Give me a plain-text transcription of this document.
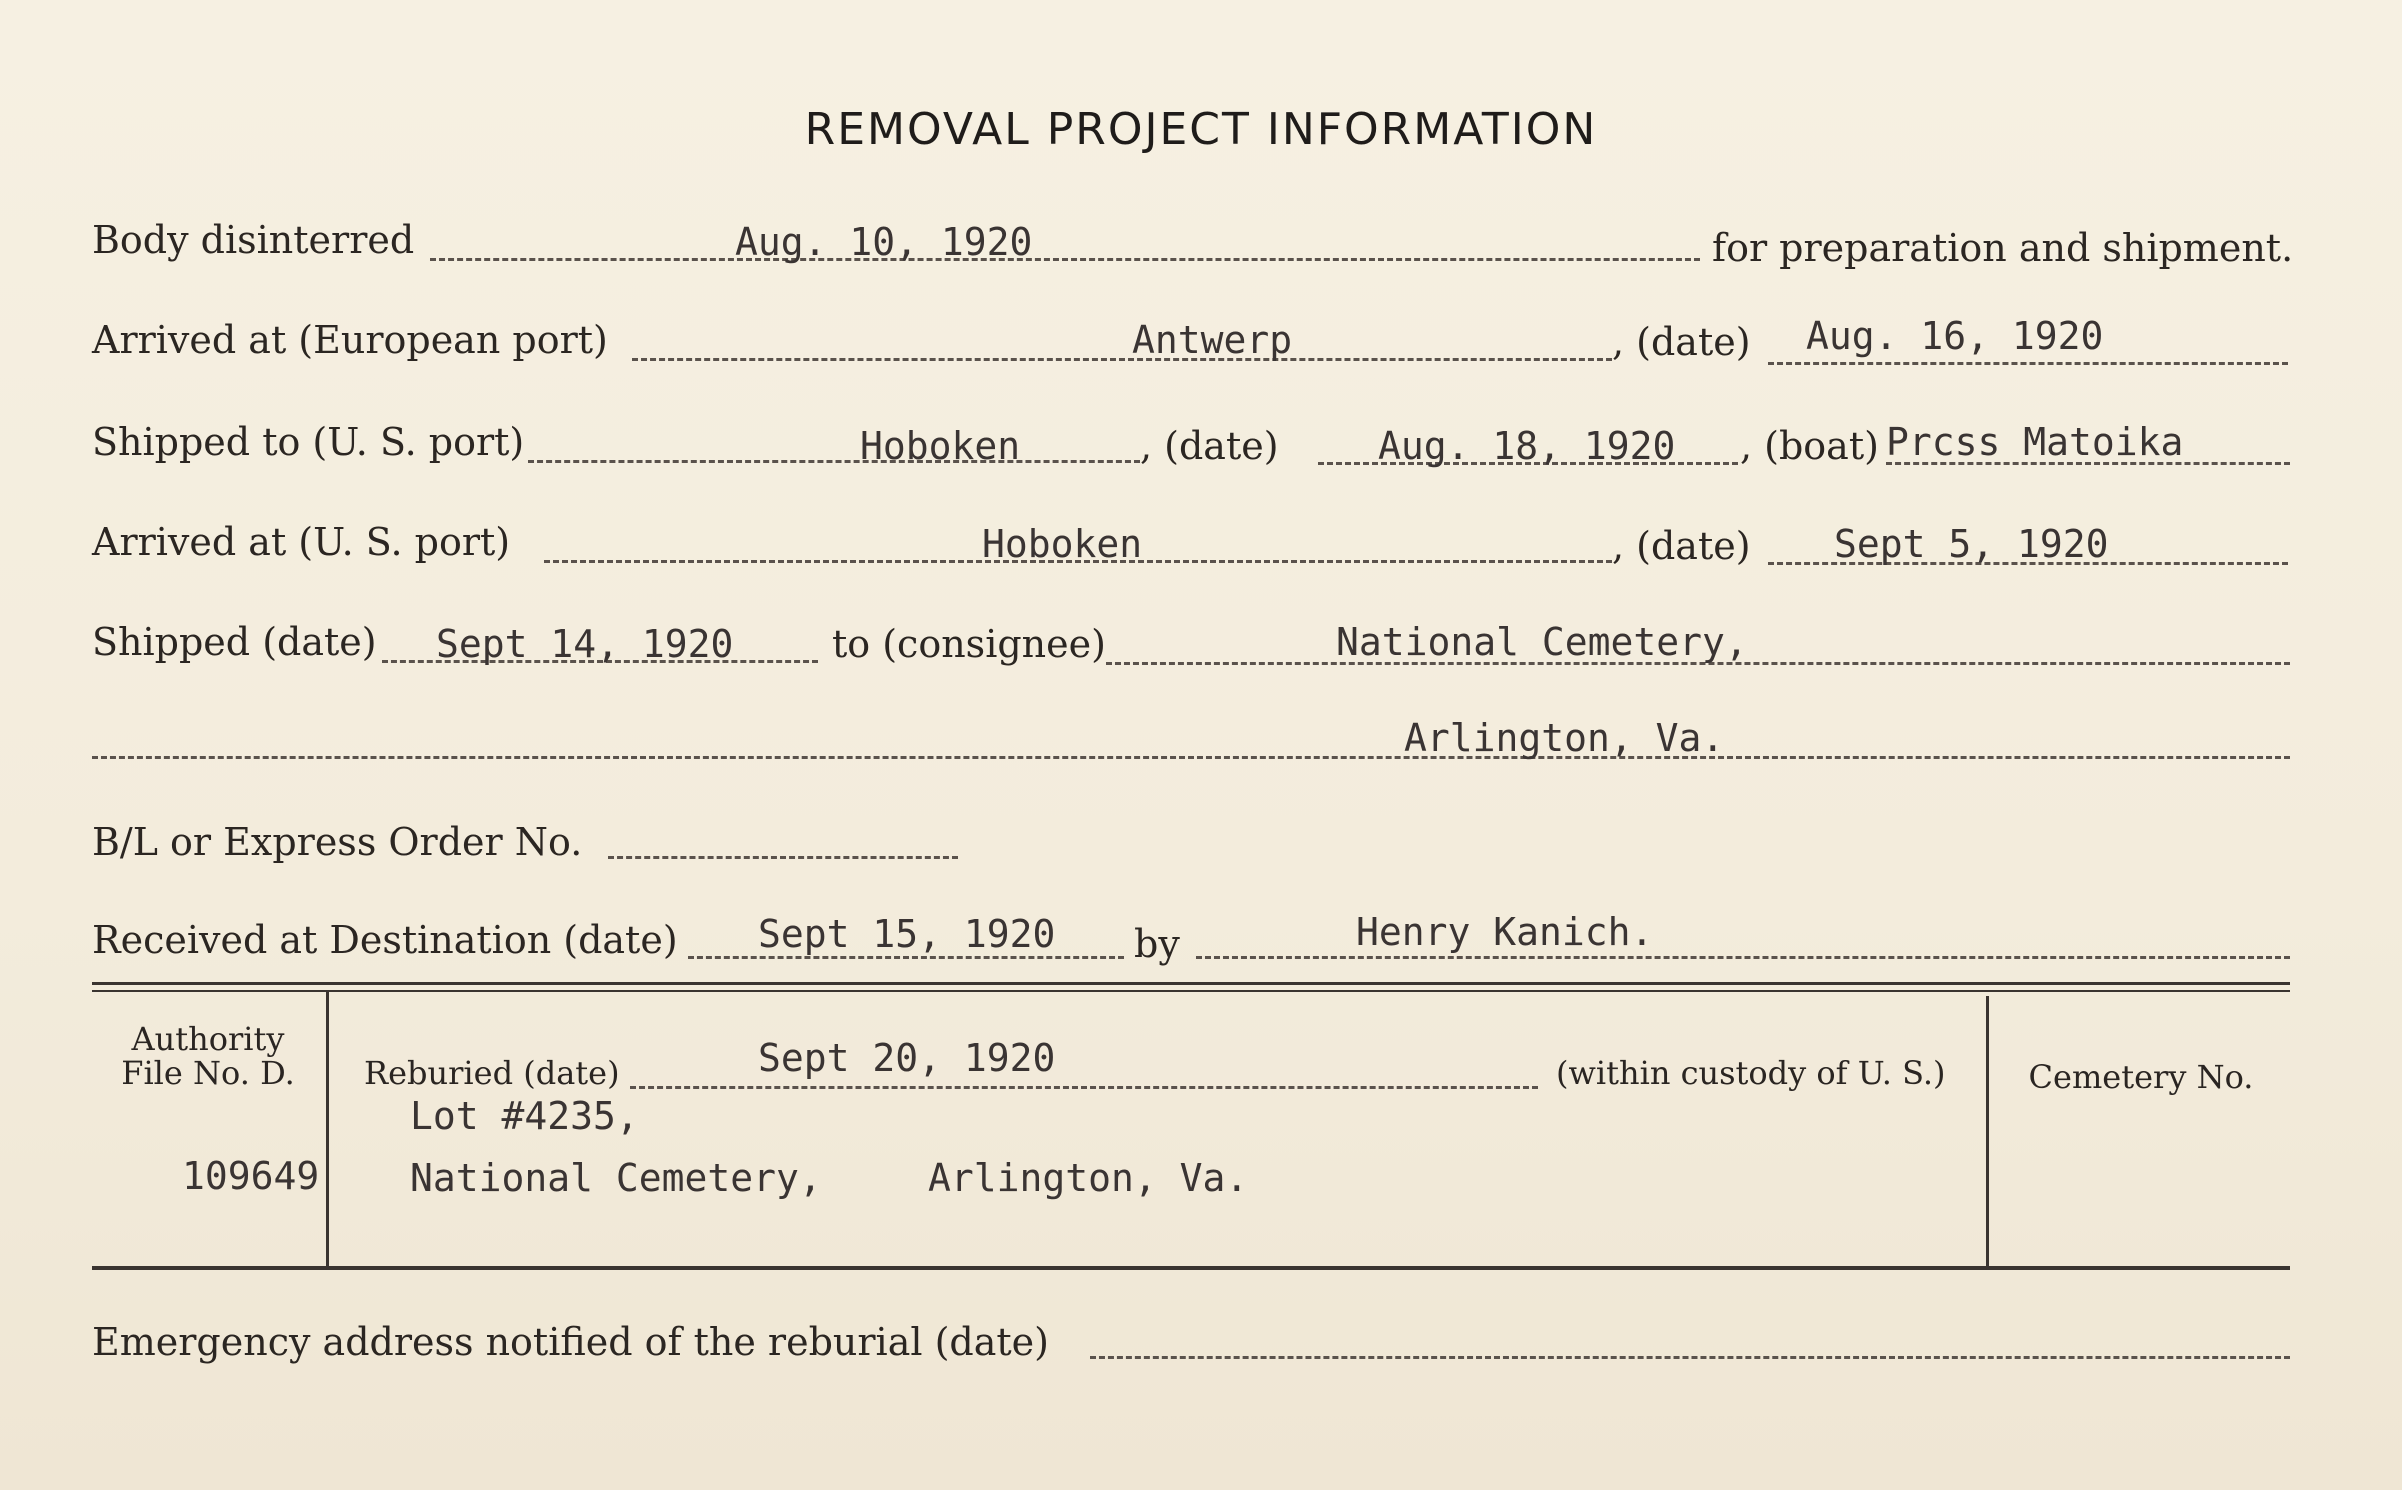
REMOVAL PROJECT INFORMATION
Body disinterred	Aug. 10, 1920	for preparation and shipment.
Arrived at (European port)	Antwerp	, (date) Aug. 16, 1920
Shipped to (U. S. port)	Hoboken	, (date)	Aug. 18, 1920 , (boat) Prcss Matoika
Arrived at (U. S. port)	Hoboken	, (date) Sept 5, 1920
Shipped (date) Sept 14, 1920	to (consignee)	National Cemetery,
Arlington, Va.
B/L or Express Order No.
Received at Destination (date) Sept 15, 1920 by	Henry Kanich.
Authority
File No. D.
109649
Reburied (date)	Sept 20, 1920	(within custody of U. S.)
Lot #4235,
National Cemetery,	Arlington, Va.
Cemetery No.
Emergency address notified of the reburial (date)
